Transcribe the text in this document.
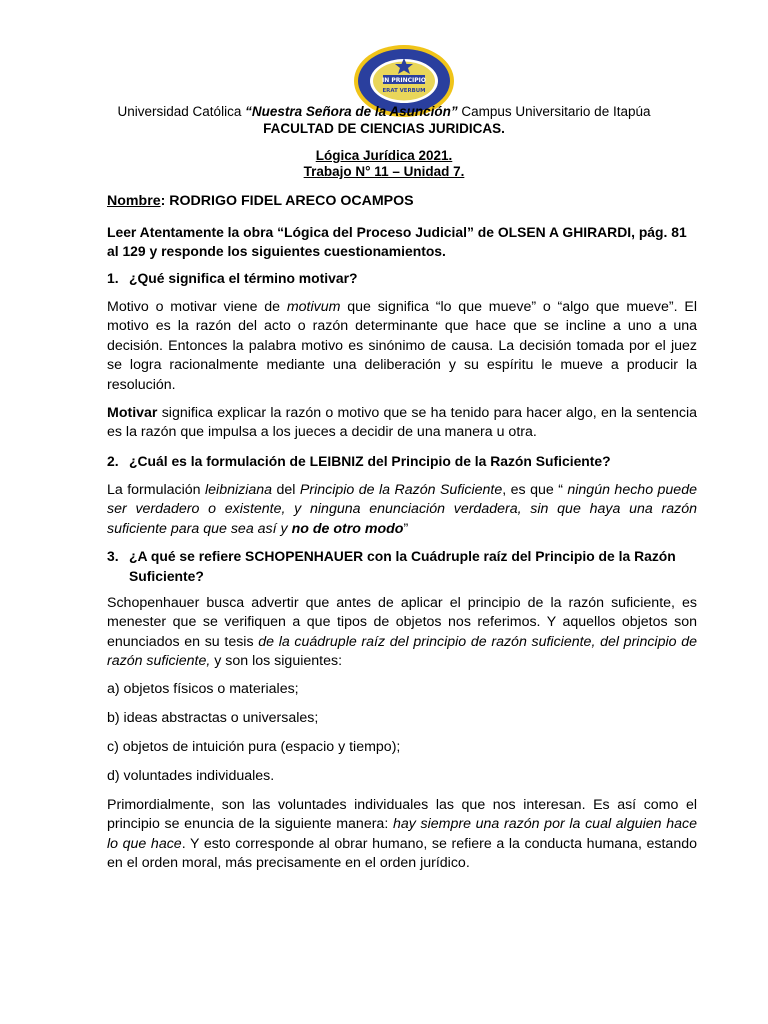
IN PRINCIPIO
ERAT VERBUM
Universidad Católica “Nuestra Señora de la Asunción” Campus Universitario de Itapúa
FACULTAD DE CIENCIAS JURIDICAS.
Lógica Jurídica 2021.
Trabajo N° 11 – Unidad 7.
Nombre: RODRIGO FIDEL ARECO OCAMPOS
Leer Atentamente la obra “Lógica del Proceso Judicial” de OLSEN A GHIRARDI, pág. 81 al 129 y responde los siguientes cuestionamientos.
1. ¿Qué significa el término motivar?
Motivo o motivar viene de motivum que significa “lo que mueve” o “algo que mueve”. El motivo es la razón del acto o razón determinante que hace que se incline a uno a una decisión. Entonces la palabra motivo es sinónimo de causa. La decisión tomada por el juez se logra racionalmente mediante una deliberación y su espíritu le mueve a producir la resolución.
Motivar significa explicar la razón o motivo que se ha tenido para hacer algo, en la sentencia es la razón que impulsa a los jueces a decidir de una manera u otra.
2. ¿Cuál es la formulación de LEIBNIZ del Principio de la Razón Suficiente?
La formulación leibniziana del Principio de la Razón Suficiente, es que “ ningún hecho puede ser verdadero o existente, y ninguna enunciación verdadera, sin que haya una razón suficiente para que sea así y no de otro modo”
3. ¿A qué se refiere SCHOPENHAUER con la Cuádruple raíz del Principio de la Razón Suficiente?
Schopenhauer busca advertir que antes de aplicar el principio de la razón suficiente, es menester que se verifiquen a que tipos de objetos nos referimos. Y aquellos objetos son enunciados en su tesis de la cuádruple raíz del principio de razón suficiente, del principio de razón suficiente, y son los siguientes:
a) objetos físicos o materiales;
b) ideas abstractas o universales;
c) objetos de intuición pura (espacio y tiempo);
d) voluntades individuales.
Primordialmente, son las voluntades individuales las que nos interesan. Es así como el principio se enuncia de la siguiente manera: hay siempre una razón por la cual alguien hace lo que hace. Y esto corresponde al obrar humano, se refiere a la conducta humana, estando en el orden moral, más precisamente en el orden jurídico.
